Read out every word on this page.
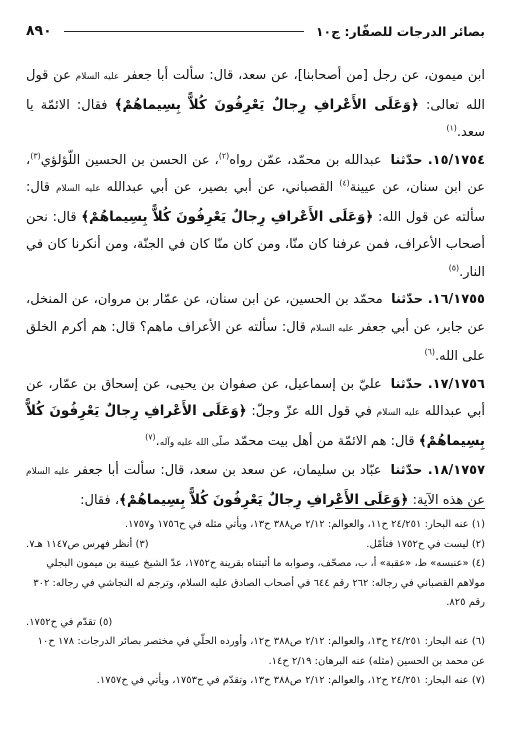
بصائر الدرجات للصفّار: ج١٠
٨٩٠

ابن ميمون، عن رجل [من أصحابنا]، عن سعد، قال: سألت أبا جعفر عليه السلام عن قول الله تعالى: ﴿وَعَلَى الأَعْرافِ رِجالٌ يَعْرِفُونَ كُلاًّ بِسِيماهُمْ﴾ فقال: الائمّة يا سعد.$^{(١)}$

١٥/١٧٥٤. حدّثنا عبدالله بن محمّد، عمّن رواه$^{(٢)}$، عن الحسن بن الحسين اللّؤلؤي$^{(٣)}$، عن ابن سنان، عن عيينة$^{(٤)}$ القصباني، عن أبي بصير، عن أبي عبدالله عليه السلام قال: سألته عن قول الله: ﴿وَعَلَى الأَعْرافِ رِجالٌ يَعْرِفُونَ كُلاًّ بِسِيماهُمْ﴾ قال: نحن أصحاب الأعراف، فمن عرفنا كان منّا، ومن كان منّا كان في الجنّة، ومن أنكرنا كان في النار.$^{(٥)}$

١٦/١٧٥٥. حدّثنا محمّد بن الحسين، عن ابن سنان، عن عمّار بن مروان، عن المنخل، عن جابر، عن أبي جعفر عليه السلام قال: سألته عن الأعراف ماهم؟ قال: هم أكرم الخلق على الله.$^{(٦)}$

١٧/١٧٥٦. حدّثنا عليّ بن إسماعيل، عن صفوان بن يحيى، عن إسحاق بن عمّار، عن أبي عبدالله عليه السلام في قول الله عزّ وجلّ: ﴿وَعَلَى الأَعْرافِ رِجالٌ يَعْرِفُونَ كُلاًّ بِسِيماهُمْ﴾ قال: هم الائمّة من أهل بيت محمّد صلّى الله عليه وآله.$^{(٧)}$

١٨/١٧٥٧. حدّثنا عبّاد بن سليمان، عن سعد بن سعد، قال: سألت أبا جعفر عليه السلام عن هذه الآية: ﴿وَعَلَى الأَعْرافِ رِجالٌ يَعْرِفُونَ كُلاًّ بِسِيماهُمْ﴾، فقال:

(١) عنه البحار: ٢٤/٢٥١ ح١١، والعوالم: ٢/١٢ ص٣٨٨ ح١٣، ويأتي مثله في ح١٧٥٦ و١٧٥٧.

(٢) ليست في ح١٧٥٢ فتأمّل.
(٣) أنظر فهرس ص١١٤٧ هـ٧.

(٤) «عنبسه» ط، «عقبة» أ، ب، مصحّف، وصوابه ما أثبتناه بقرينة ح١٧٥٢، عدّ الشيخ عيينة بن ميمون البجلي مولاهم القصباني في رجاله: ٢٦٢ رقم ٦٤٤ في أصحاب الصادق عليه السلام، وترجم له النجاشي في رجاله: ٣٠٢ رقم ٨٢٥.

(٥) تقدّم في ح١٧٥٢.

(٦) عنه البحار: ٢٤/٢٥١ ح١٣، والعوالم: ٢/١٢ ص٣٨٨ ح١٢، وأورده الحلّي في مختصر بصائر الدرجات: ١٧٨ ح١٠ عن محمد بن الحسين (مثله) عنه البرهان: ٢/١٩ ح١٤.

(٧) عنه البحار: ٢٤/٢٥١ ح١٢، والعوالم: ٢/١٢ ص٣٨٨ ح١٣، وتقدّم في ح١٧٥٣، ويأتي في ح١٧٥٧.
